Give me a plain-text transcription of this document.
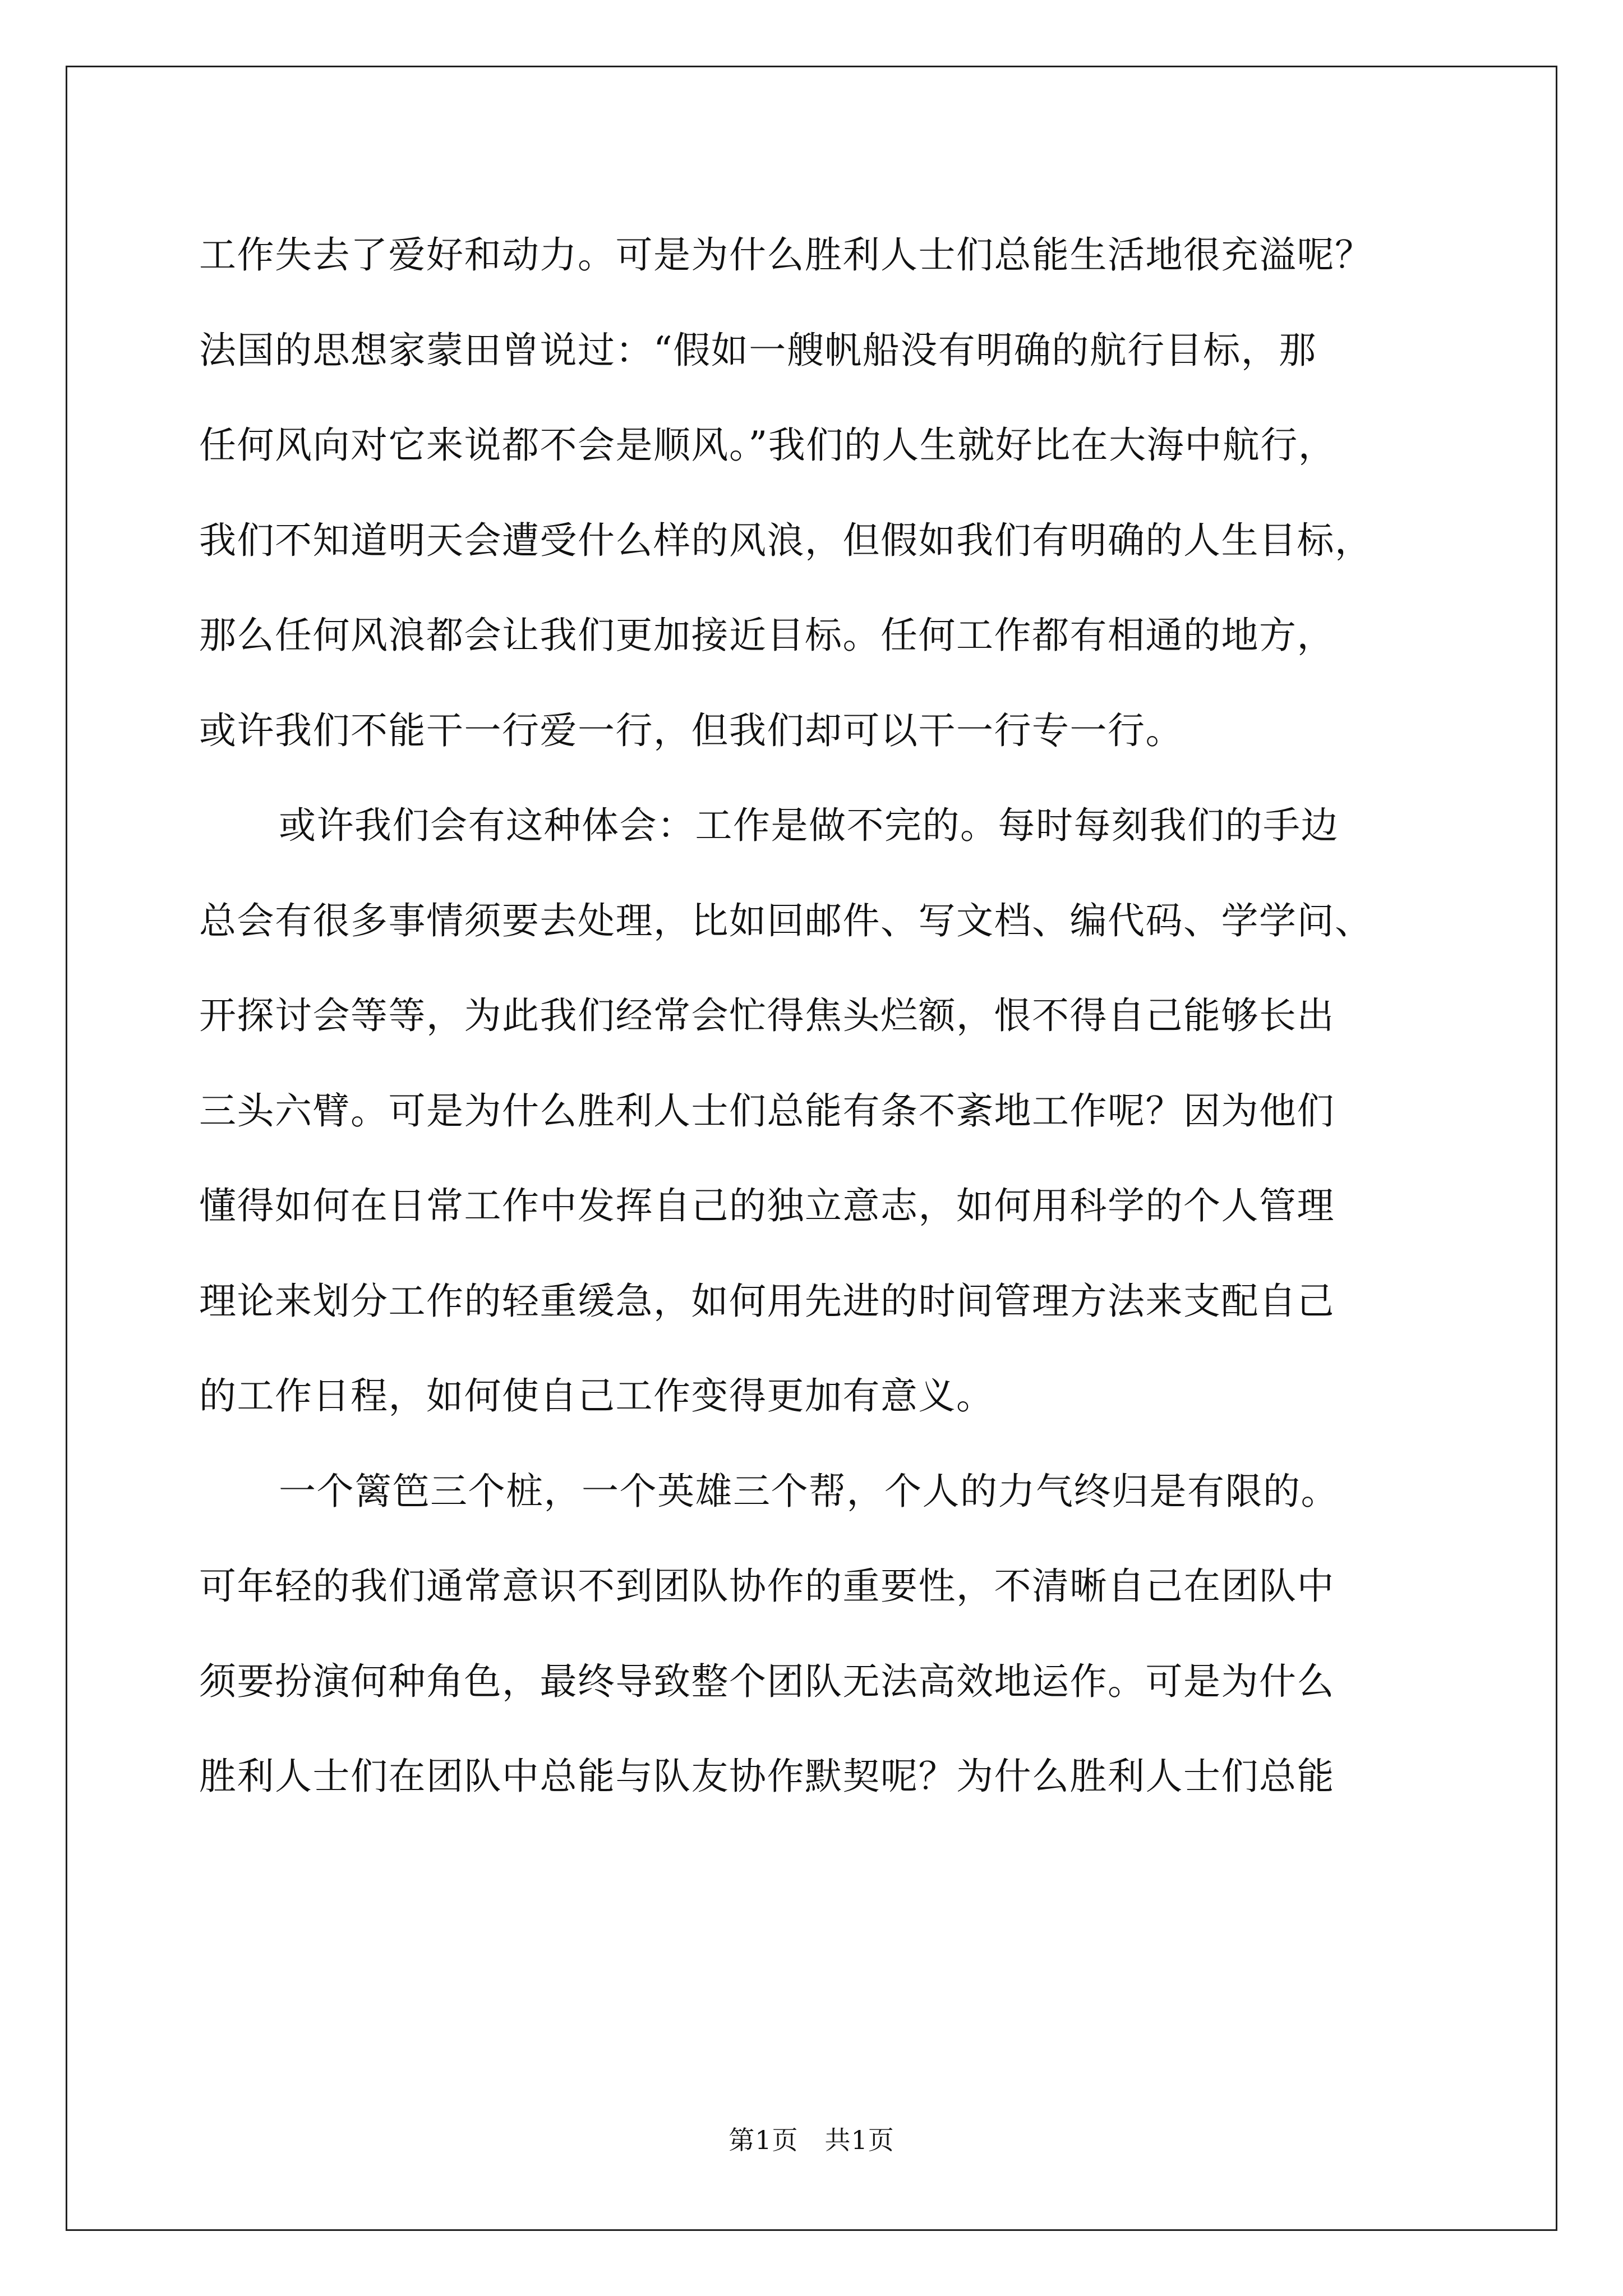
工作失去了爱好和动力。可是为什么胜利人士们总能生活地很充溢呢？
法国的思想家蒙田曾说过：“假如一艘帆船没有明确的航行目标，那
任何风向对它来说都不会是顺风。”我们的人生就好比在大海中航行，
我们不知道明天会遭受什么样的风浪，但假如我们有明确的人生目标，
那么任何风浪都会让我们更加接近目标。任何工作都有相通的地方，
或许我们不能干一行爱一行，但我们却可以干一行专一行。
或许我们会有这种体会：工作是做不完的。每时每刻我们的手边
总会有很多事情须要去处理，比如回邮件、写文档、编代码、学学问、
开探讨会等等，为此我们经常会忙得焦头烂额，恨不得自己能够长出
三头六臂。可是为什么胜利人士们总能有条不紊地工作呢？因为他们
懂得如何在日常工作中发挥自己的独立意志，如何用科学的个人管理
理论来划分工作的轻重缓急，如何用先进的时间管理方法来支配自己
的工作日程，如何使自己工作变得更加有意义。
一个篱笆三个桩，一个英雄三个帮，个人的力气终归是有限的。
可年轻的我们通常意识不到团队协作的重要性，不清晰自己在团队中
须要扮演何种角色，最终导致整个团队无法高效地运作。可是为什么
胜利人士们在团队中总能与队友协作默契呢？为什么胜利人士们总能
第1页　共1页
